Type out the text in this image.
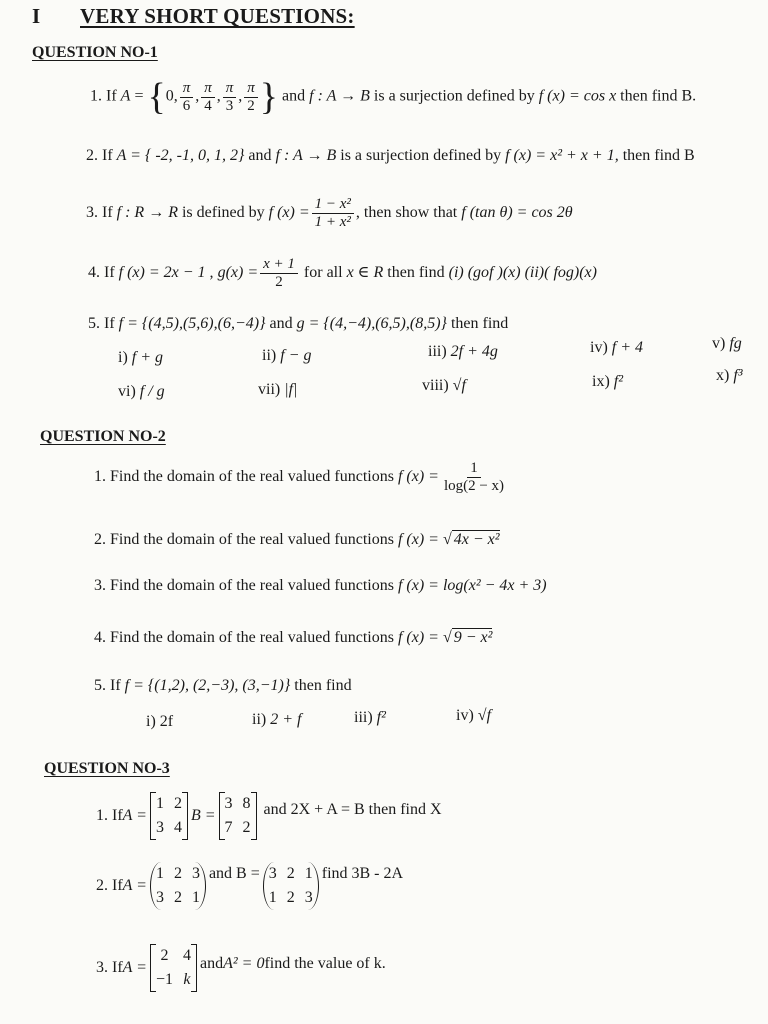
I VERY SHORT QUESTIONS:
QUESTION NO-1
1. If A = {0, $\frac{\pi}{6}$ , $\frac{\pi}{4}$ , $\frac{\pi}{3}$ , $\frac{\pi}{2}$ } and f : A → B is a surjection defined by f (x) = cos x then find B.
2. If A = { -2, -1, 0, 1, 2} and f : A → B is a surjection defined by f (x) = x² + x + 1, then find B
3. If f : R → R is defined by f $(x) = \frac{\text{1 − x²}}{\text{1 + x²}}$ , then show that f (tan θ) = cos 2θ
4. If f (x) = 2x − 1 , $g(x) = \frac{x + 1}{2}$ for all x ∈ R then find (i) (gof )(x) (ii)( fog)(x)
5. If f = {(4,5),(5,6),(6,−4)} and g = {(4,−4),(6,5),(8,5)} then find
i) f + g	ii) f − g	iii) 2f + 4g	iv) f + 4	v) fg
vi) f / g	vii) |f|	viii) √f	ix) f²	x) f³
QUESTION NO-2
1. Find the domain of the real valued functions f $(x) = \frac{1}{\log(2 - x)}$
2. Find the domain of the real valued functions f (x) = √ 4x − x²
3. Find the domain of the real valued functions f (x) = log(x² − 4x + 3)
4. Find the domain of the real valued functions f (x) = √ 9 − x²
5. If f = {(1,2), (2,−3), (3,−1)} then find
i) 2f	ii) 2 + f	iii) f²	iv) √f
QUESTION NO-3
1. If A =
1	2
3	4
B =
3	8
7	2
and 2X + A = B then find X
2. If A =
1	2	3
3	2	1
and B = 3	2	1
1	2	3
find 3B - 2A
3. If A =
2	4
−1	k
and A² = 0 find the value of k.
